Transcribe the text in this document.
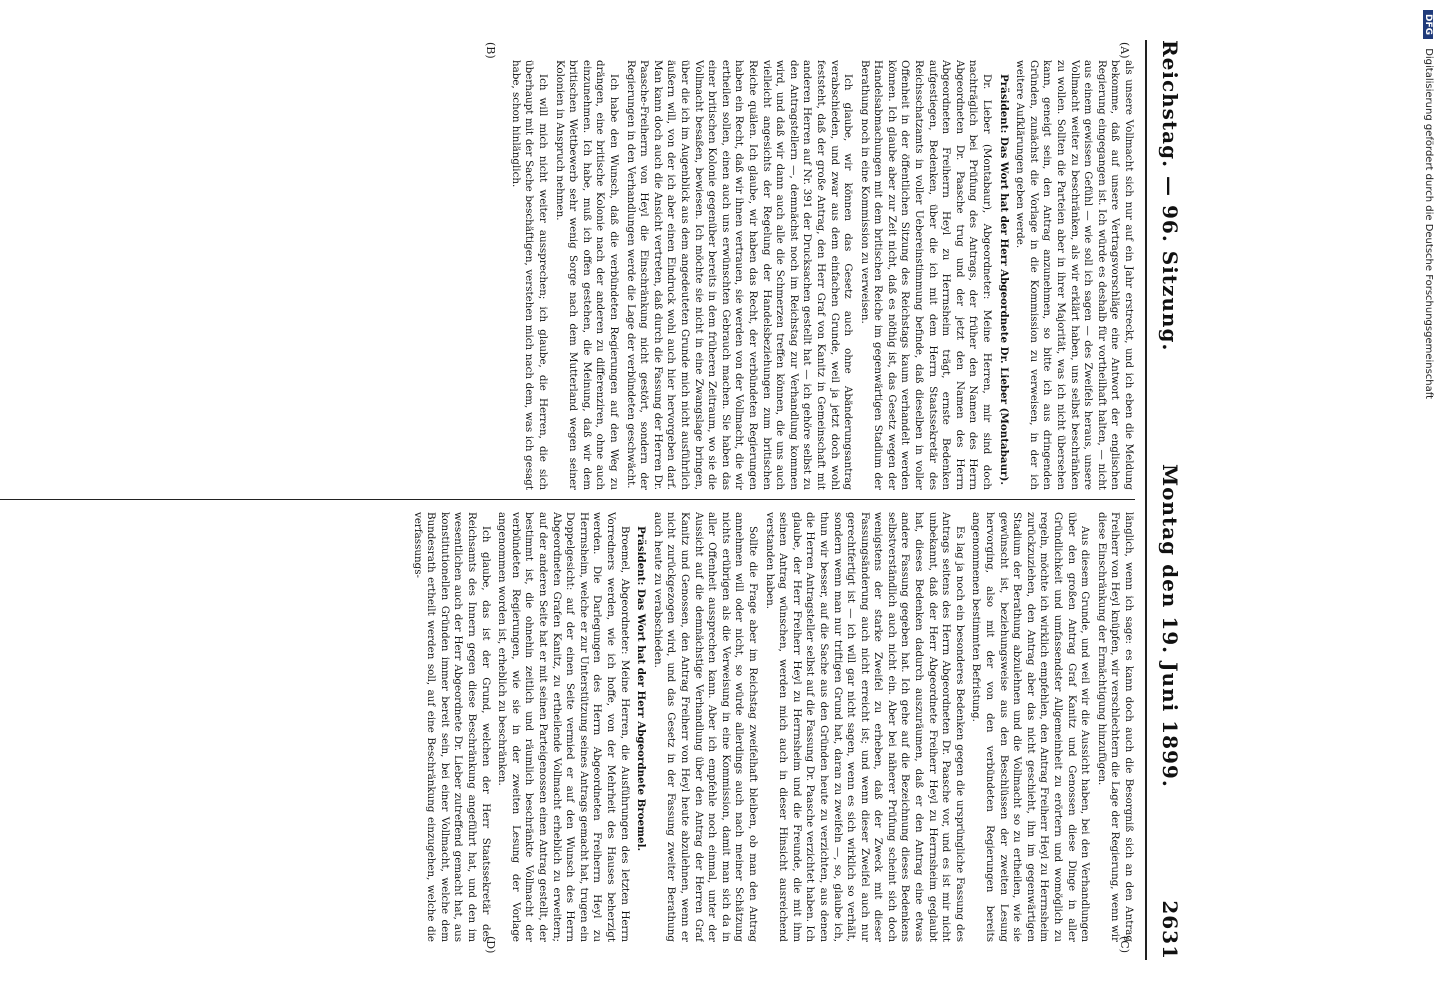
Reichstag. — 96. Sitzung.
Montag den 19. Juni 1899.
2631

als unsere Vollmacht sich nur auf ein Jahr erstreckt, und ich eben die Meldung bekomme, daß auf unsere Vertragsvorschläge eine Antwort der englischen Regierung eingegangen ist. Ich würde es deshalb für vortheilhaft halten, — nicht aus einem gewissen Gefühl — wie soll ich sagen — des Zweifels heraus, unsere Vollmacht weiter zu beschränken, als wir erklärt haben, uns selbst beschränken zu wollen. Sollten die Parteien aber in ihrer Majorität, was ich nicht übersehen kann, geneigt sein, den Antrag anzunehmen, so bitte ich aus dringenden Gründen, zunächst die Vorlage in die Kommission zu verweisen, in der ich weitere Aufklärungen geben werde.

Präsident: Das Wort hat der Herr Abgeordnete Dr. Lieber (Montabaur).

Dr. Lieber (Montabaur), Abgeordneter: Meine Herren, mir sind doch nachträglich bei Prüfung des Antrags, der früher den Namen des Herrn Abgeordneten Dr. Paasche trug und der jetzt den Namen des Herrn Abgeordneten Freiherrn Heyl zu Herrnsheim trägt, ernste Bedenken aufgestiegen, Bedenken, über die ich mit dem Herrn Staatssekretär des Reichsschatzamts in voller Uebereinstimmung befinde, daß dieselben in voller Offenheit in der öffentlichen Sitzung des Reichstags kaum verhandelt werden können. Ich glaube aber zur Zeit nicht, daß es nöthig ist, das Gesetz wegen der Handelsabmachungen mit dem britischen Reiche im gegenwärtigen Stadium der Berathung noch in eine Kommission zu verweisen.

Ich glaube, wir können das Gesetz auch ohne Abänderungsantrag verabschieden, und zwar aus dem einfachen Grunde, weil ja jetzt doch wohl feststeht, daß der große Antrag, den Herr Graf von Kanitz in Gemeinschaft mit anderen Herren auf Nr. 391 der Drucksachen gestellt hat — ich gehöre selbst zu den Antragstellern —, demnächst noch im Reichstag zur Verhandlung kommen wird, und daß wir dann auch alle die Schmerzen treffen können, die uns auch vielleicht angesichts der Regelung der Handelsbeziehungen zum britischen Reiche quälen. Ich glaube, wir haben das Recht, der verbündeten Regierungen haben ein Recht, daß wir ihnen vertrauen, sie werden von der Vollmacht, die wir ertheilen sollen, einen auch uns erwünschten Gebrauch machen. Sie haben das einer britischen Kolonie gegenüber bereits in dem früheren Zeitraum, wo sie die Vollmacht besaßen, bewiesen. Ich möchte sie nicht in eine Zwangslage bringen, über die ich im Augenblick aus dem angedeuteten Grunde mich nicht ausführlich äußern will, von der ich aber einen Eindruck wohl auch hier hervorgeben darf. Man kann doch auch die Ansicht vertreten, daß durch die Fassung der Herren Dr. Paasche-Freiherrn von Heyl die Einschränkung nicht gestört, sondern der Regierungen in den Verhandlungen werde die Lage der verbündeten geschwächt.

Ich habe den Wunsch, daß die verbündeten Regierungen auf den Weg zu drängen, eine britische Kolonie nach der anderen zu differenziren, ohne auch einzunehmen. Ich habe, muß ich offen gestehen, die Meinung, daß wir dem britischen Wettbewerb sehr wenig Sorge nach dem Mutterland wegen seiner Kolonien in Anspruch nehmen.

Ich will mich nicht weiter aussprechen; ich glaube, die Herren, die sich überhaupt mit der Sache beschäftigen, verstehen mich nach dem, was ich gesagt habe, schon hinlänglich.

länglich, wenn ich sage: es kann doch auch die Besorgniß sich an den Antrag Freiherr von Heyl knüpfen, wir verschlechtern die Lage der Regierung, wenn wir diese Einschränkung der Ermächtigung hinzufügen.

Aus diesem Grunde, und weil wir die Aussicht haben, bei den Verhandlungen über den großen Antrag Graf Kanitz und Genossen diese Dinge in aller Gründlichkeit und umfassendster Allgemeinheit zu erörtern und womöglich zu regeln, möchte ich wirklich empfehlen, den Antrag Freiherr Heyl zu Herrnsheim zurückzuziehen, den Antrag aber das nicht geschieht, ihn im gegenwärtigen Stadium der Berathung abzulehnen und die Vollmacht so zu ertheilen, wie sie gewünscht ist, beziehungsweise aus den Beschlüssen der zweiten Lesung hervorging, also mit der von den verbündeten Regierungen bereits angenommenen bestimmten Befristung.

Es lag ja noch ein besonderes Bedenken gegen die ursprüngliche Fassung des Antrags seitens des Herrn Abgeordneten Dr. Paasche vor, und es ist mir nicht unbekannt, daß der Herr Abgeordnete Freiherr Heyl zu Herrnsheim geglaubt hat, dieses Bedenken dadurch auszuräumen, daß er den Antrag eine etwas andere Fassung gegeben hat. Ich gehe auf die Bezeichnung dieses Bedenkens selbstverständlich auch nicht ein. Aber bei näherer Prüfung scheint sich doch wenigstens der starke Zweifel zu erheben, daß der Zweck mit dieser Fassungsänderung auch nicht erreicht ist; und wenn dieser Zweifel auch nur gerechtfertigt ist — ich will gar nicht sagen, wenn es sich wirklich so verhält, sondern wenn man nur triftigen Grund hat, daran zu zweifeln —, so, glaube ich, thun wir besser, auf die Sache aus den Gründen heute zu verzichten, aus denen die Herren Antragsteller selbst auf die Fassung Dr. Paasche verzichtet haben. Ich glaube, der Herr Freiherr Heyl zu Herrnsheim und die Freunde, die mit ihm seinen Antrag wünschen, werden mich auch in dieser Hinsicht ausreichend verstanden haben.

Sollte die Frage aber im Reichstag zweifelhaft bleiben, ob man den Antrag annehmen will oder nicht, so würde allerdings auch nach meiner Schätzung nichts erübrigen als die Verweisung in eine Kommission, damit man sich da in aller Offenheit aussprechen kann. Aber ich empfehle noch einmal, unter der Aussicht auf die demnächstige Verhandlung über den Antrag der Herren Graf Kanitz und Genossen, den Antrag Freiherr von Heyl heute abzulehnen, wenn er nicht zurückgezogen wird, und das Gesetz in der Fassung zweiter Berathung auch heute zu verabschieden.

Präsident: Das Wort hat der Herr Abgeordnete Broemel.

Broemel, Abgeordneter: Meine Herren, die Ausführungen des letzten Herrn Vorredners werden, wie ich hoffe, von der Mehrheit des Hauses beherzigt werden. Die Darlegungen des Herrn Abgeordneten Freiherrn Heyl zu Herrnsheim, welche er zur Unterstützung seines Antrags gemacht hat, trugen ein Doppelgesicht: auf der einen Seite vermied er auf den Wunsch des Herrn Abgeordneten Grafen Kanitz, zu ertheilende Vollmacht erheblich zu erweitern; auf der anderen Seite hat er mit seinen Parteigenossen einen Antrag gestellt, der bestimmt ist, die ohnehin zeitlich und räumlich beschränkte Vollmacht der verbündeten Regierungen, wie sie in der zweiten Lesung der Vorlage angenommen worden ist, erheblich zu beschränken.

Ich glaube, das ist der Grund, welchen der Herr Staatssekretär des Reichsamts des Innern gegen diese Beschränkung angeführt hat, und den im wesentlichen auch der Herr Abgeordnete Dr. Lieber zutreffend gemacht hat, aus konstitutionellen Gründen immer bereit sein, bei einer Vollmacht, welche dem Bundesrath ertheilt werden soll, auf eine Beschränkung einzugehen, welche die verfassungs-

(A)
(B)
(C)
(D)
DFG Digitalisierung gefördert durch die Deutsche Forschungsgemeinschaft
